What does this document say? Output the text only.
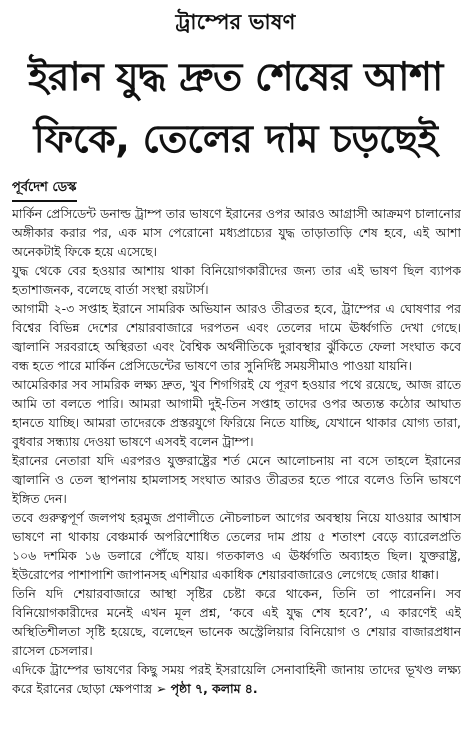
ট্রাম্পের ভাষণ
ইরান যুদ্ধ দ্রুত শেষের আশা
ফিকে, তেলের দাম চড়ছেই
পূর্বদেশ ডেস্ক

মার্কিন প্রেসিডেন্ট ডনাল্ড ট্রাম্প তার ভাষণে ইরানের ওপর আরও আগ্রাসী আক্রমণ চালানোর অঙ্গীকার করার পর, এক মাস পেরোনো মধ্যপ্রাচ্যের যুদ্ধ তাড়াতাড়ি শেষ হবে, এই আশা অনেকটাই ফিকে হয়ে এসেছে।

যুদ্ধ থেকে বের হওয়ার আশায় থাকা বিনিয়োগকারীদের জন্য তার এই ভাষণ ছিল ব্যাপক হতাশাজনক, বলেছে বার্তা সংস্থা রয়টার্স।

আগামী ২-৩ সপ্তাহ ইরানে সামরিক অভিযান আরও তীব্রতর হবে, ট্রাম্পের এ ঘোষণার পর বিশ্বের বিভিন্ন দেশের শেয়ারবাজারে দরপতন এবং তেলের দামে ঊর্ধ্বগতি দেখা গেছে। জ্বালানি সরবরাহে অস্থিরতা এবং বৈশ্বিক অর্থনীতিকে দুরাবস্থার ঝুঁকিতে ফেলা সংঘাত কবে বন্ধ হতে পারে মার্কিন প্রেসিডেন্টের ভাষণে তার সুনির্দিষ্ট সময়সীমাও পাওয়া যায়নি।

আমেরিকার সব সামরিক লক্ষ্য দ্রুত, খুব শিগগিরই যে পূরণ হওয়ার পথে রয়েছে, আজ রাতে আমি তা বলতে পারি। আমরা আগামী দুই-তিন সপ্তাহ তাদের ওপর অত্যন্ত কঠোর আঘাত হানতে যাচ্ছি। আমরা তাদেরকে প্রস্তরযুগে ফিরিয়ে নিতে যাচ্ছি, যেখানে থাকার যোগ্য তারা, বুধবার সন্ধ্যায় দেওয়া ভাষণে এসবই বলেন ট্রাম্প।

ইরানের নেতারা যদি এরপরও যুক্তরাষ্ট্রের শর্ত মেনে আলোচনায় না বসে তাহলে ইরানের জ্বালানি ও তেল স্থাপনায় হামলাসহ সংঘাত আরও তীব্রতর হতে পারে বলেও তিনি ভাষণে ইঙ্গিত দেন।

তবে গুরুত্বপূর্ণ জলপথ হরমুজ প্রণালীতে নৌচলাচল আগের অবস্থায় নিয়ে যাওয়ার আশ্বাস ভাষণে না থাকায় বেঞ্চমার্ক অপরিশোধিত তেলের দাম প্রায় ৫ শতাংশ বেড়ে ব্যারেলপ্রতি ১০৬ দশমিক ১৬ ডলারে পৌঁছে যায়। গতকালও এ ঊর্ধ্বগতি অব্যাহত ছিল। যুক্তরাষ্ট্র, ইউরোপের পাশাপাশি জাপানসহ এশিয়ার একাধিক শেয়ারবাজারেও লেগেছে জোর ধাক্কা।

তিনি যদি শেয়ারবাজারে আস্থা সৃষ্টির চেষ্টা করে থাকেন, তিনি তা পারেননি। সব বিনিয়োগকারীদের মনেই এখন মূল প্রশ্ন, ‘কবে এই যুদ্ধ শেষ হবে?’, এ কারণেই এই অস্থিতিশীলতা সৃষ্টি হয়েছে, বলেছেন ভানেক অস্ট্রেলিয়ার বিনিয়োগ ও শেয়ার বাজারপ্রধান রাসেল চেসলার।

এদিকে ট্রাম্পের ভাষণের কিছু সময় পরই ইসরায়েলি সেনাবাহিনী জানায় তাদের ভূখণ্ড লক্ষ্য করে ইরানের ছোড়া ক্ষেপণাস্ত্র ➢ পৃষ্ঠা ৭, কলাম ৪.
